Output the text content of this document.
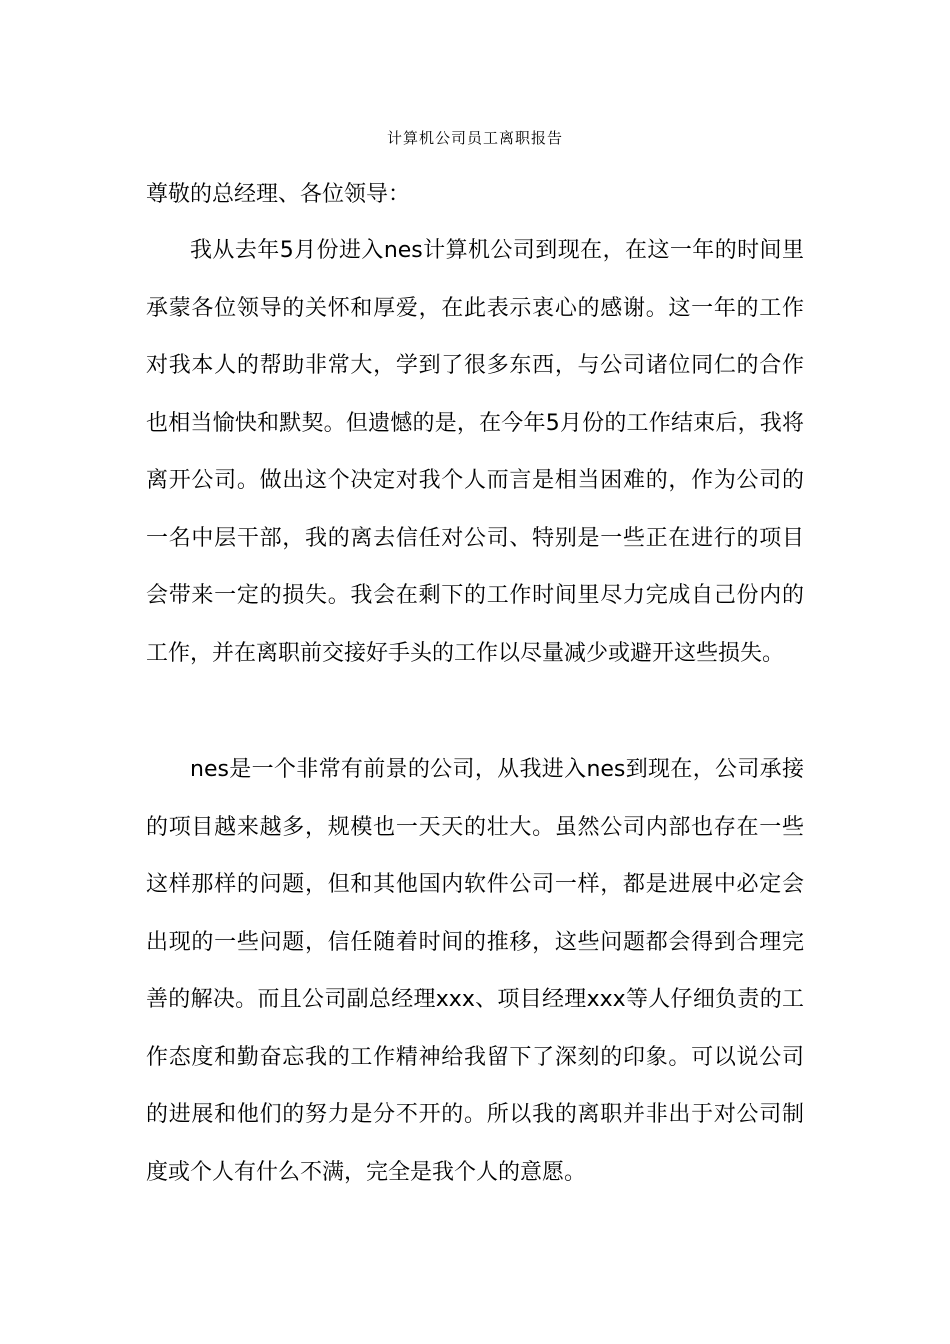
计算机公司员工离职报告
尊敬的总经理、各位领导：

我从去年5月份进入nes计算机公司到现在，在这一年的时间里承蒙各位领导的关怀和厚爱，在此表示衷心的感谢。这一年的工作对我本人的帮助非常大，学到了很多东西，与公司诸位同仁的合作也相当愉快和默契。但遗憾的是，在今年5月份的工作结束后，我将离开公司。做出这个决定对我个人而言是相当困难的，作为公司的一名中层干部，我的离去信任对公司、特别是一些正在进行的项目会带来一定的损失。我会在剩下的工作时间里尽力完成自己份内的工作，并在离职前交接好手头的工作以尽量减少或避开这些损失。

nes是一个非常有前景的公司，从我进入nes到现在，公司承接的项目越来越多，规模也一天天的壮大。虽然公司内部也存在一些这样那样的问题，但和其他国内软件公司一样，都是进展中必定会出现的一些问题，信任随着时间的推移，这些问题都会得到合理完善的解决。而且公司副总经理xxx、项目经理xxx等人仔细负责的工作态度和勤奋忘我的工作精神给我留下了深刻的印象。可以说公司的进展和他们的努力是分不开的。所以我的离职并非出于对公司制度或个人有什么不满，完全是我个人的意愿。
